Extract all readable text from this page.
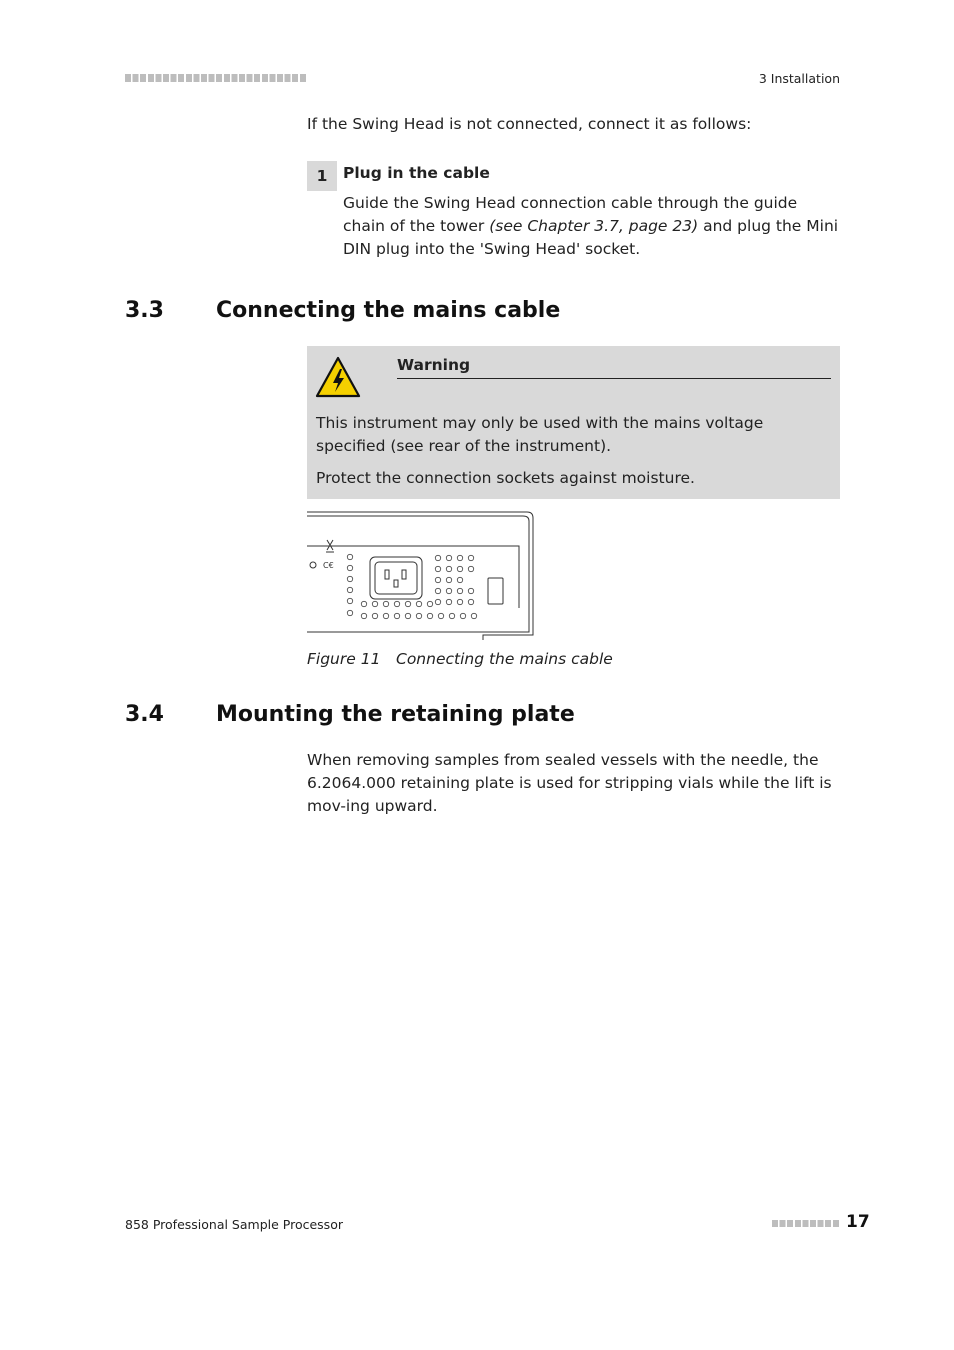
3 Installation
If the Swing Head is not connected, connect it as follows:
1	Plug in the cable
Guide the Swing Head connection cable through the guide chain of the tower (see Chapter 3.7, page 23) and plug the Mini DIN plug into the 'Swing Head' socket.
3.3 Connecting the mains cable
Warning
This instrument may only be used with the mains voltage specified (see rear of the instrument).
Protect the connection sockets against moisture.
C€
Figure 11 Connecting the mains cable
3.4 Mounting the retaining plate
When removing samples from sealed vessels with the needle, the 6.2064.000 retaining plate is used for stripping vials while the lift is mov-ing upward.
858 Professional Sample Processor	17
